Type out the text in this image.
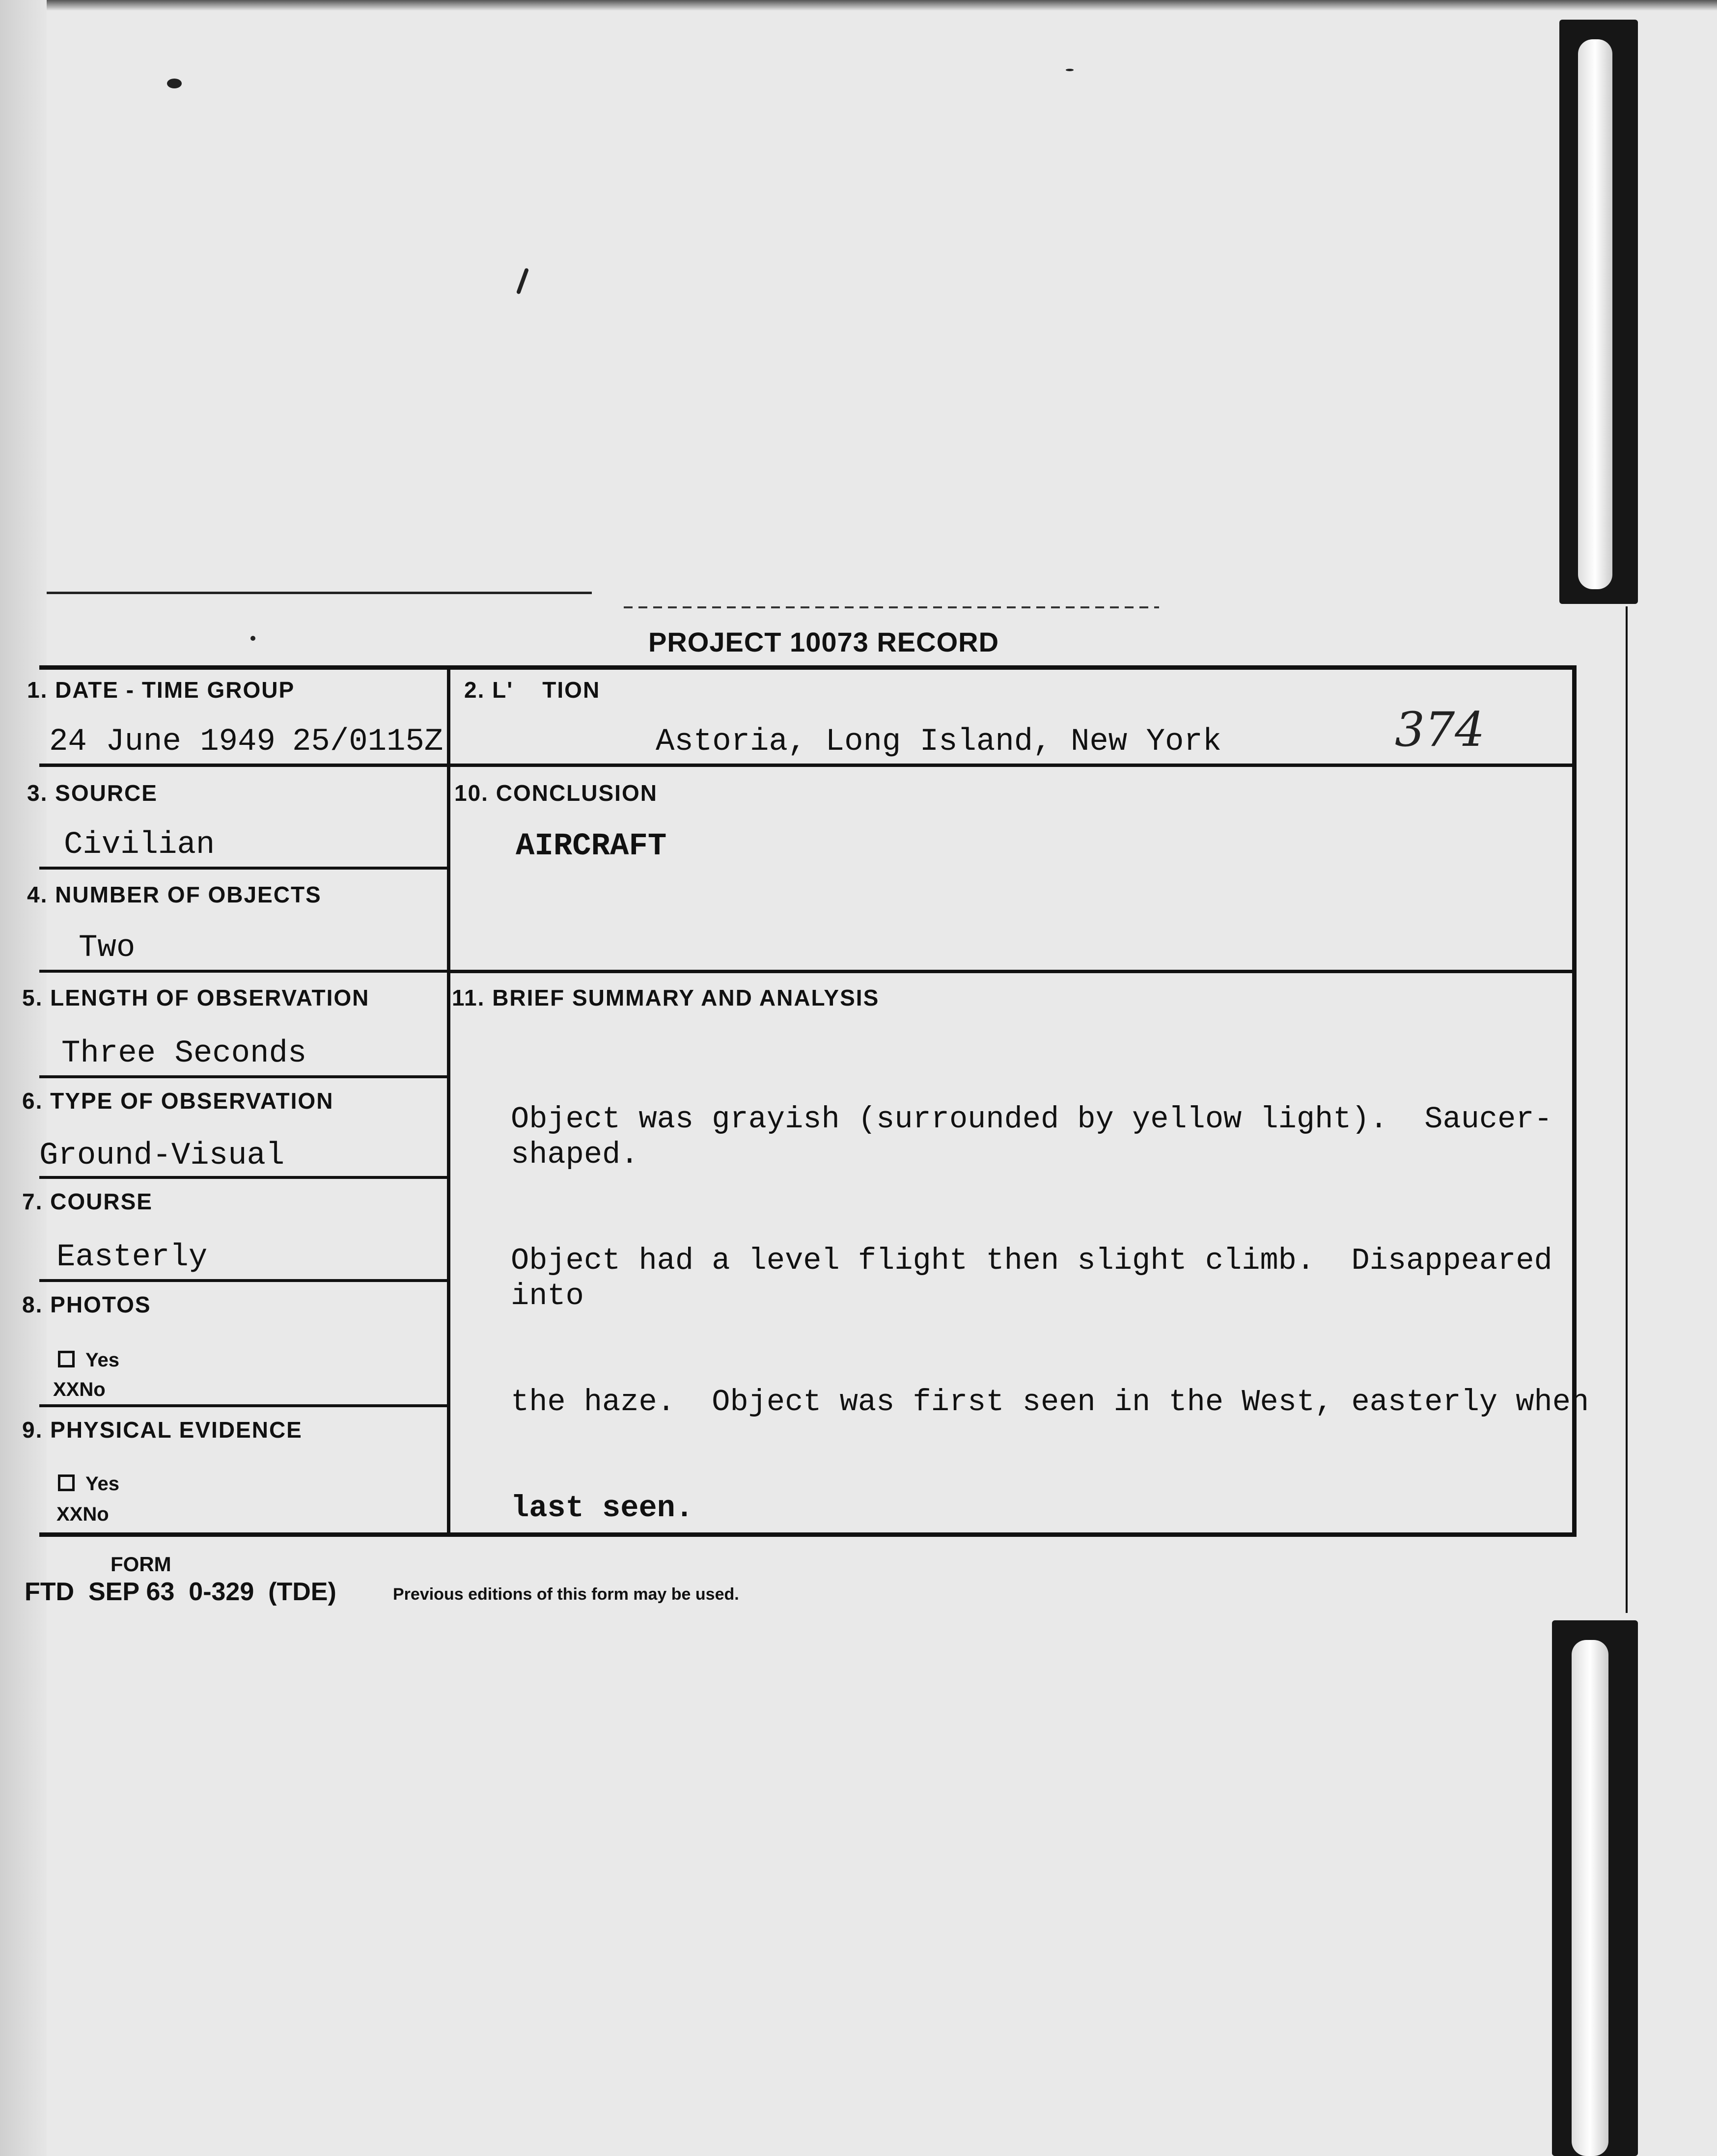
PROJECT 10073 RECORD
1. DATE - TIME GROUP
24 June 1949 25/0115Z
2. L'    TION
Astoria, Long Island, New York	374
3. SOURCE
Civilian
10. CONCLUSION
AIRCRAFT
4. NUMBER OF OBJECTS
Two
5. LENGTH OF OBSERVATION
Three Seconds
11. BRIEF SUMMARY AND ANALYSIS

Object was grayish (surrounded by yellow light).  Saucer-shaped.

Object had a level flight then slight climb.  Disappeared into

the haze.  Object was first seen in the West, easterly when

last seen.

6. TYPE OF OBSERVATION
Ground-Visual
7. COURSE
Easterly
8. PHOTOS
Yes
XXNo
9. PHYSICAL EVIDENCE
Yes
XXNo
FORM
FTD  SEP 63  0-329  (TDE)	Previous editions of this form may be used.
